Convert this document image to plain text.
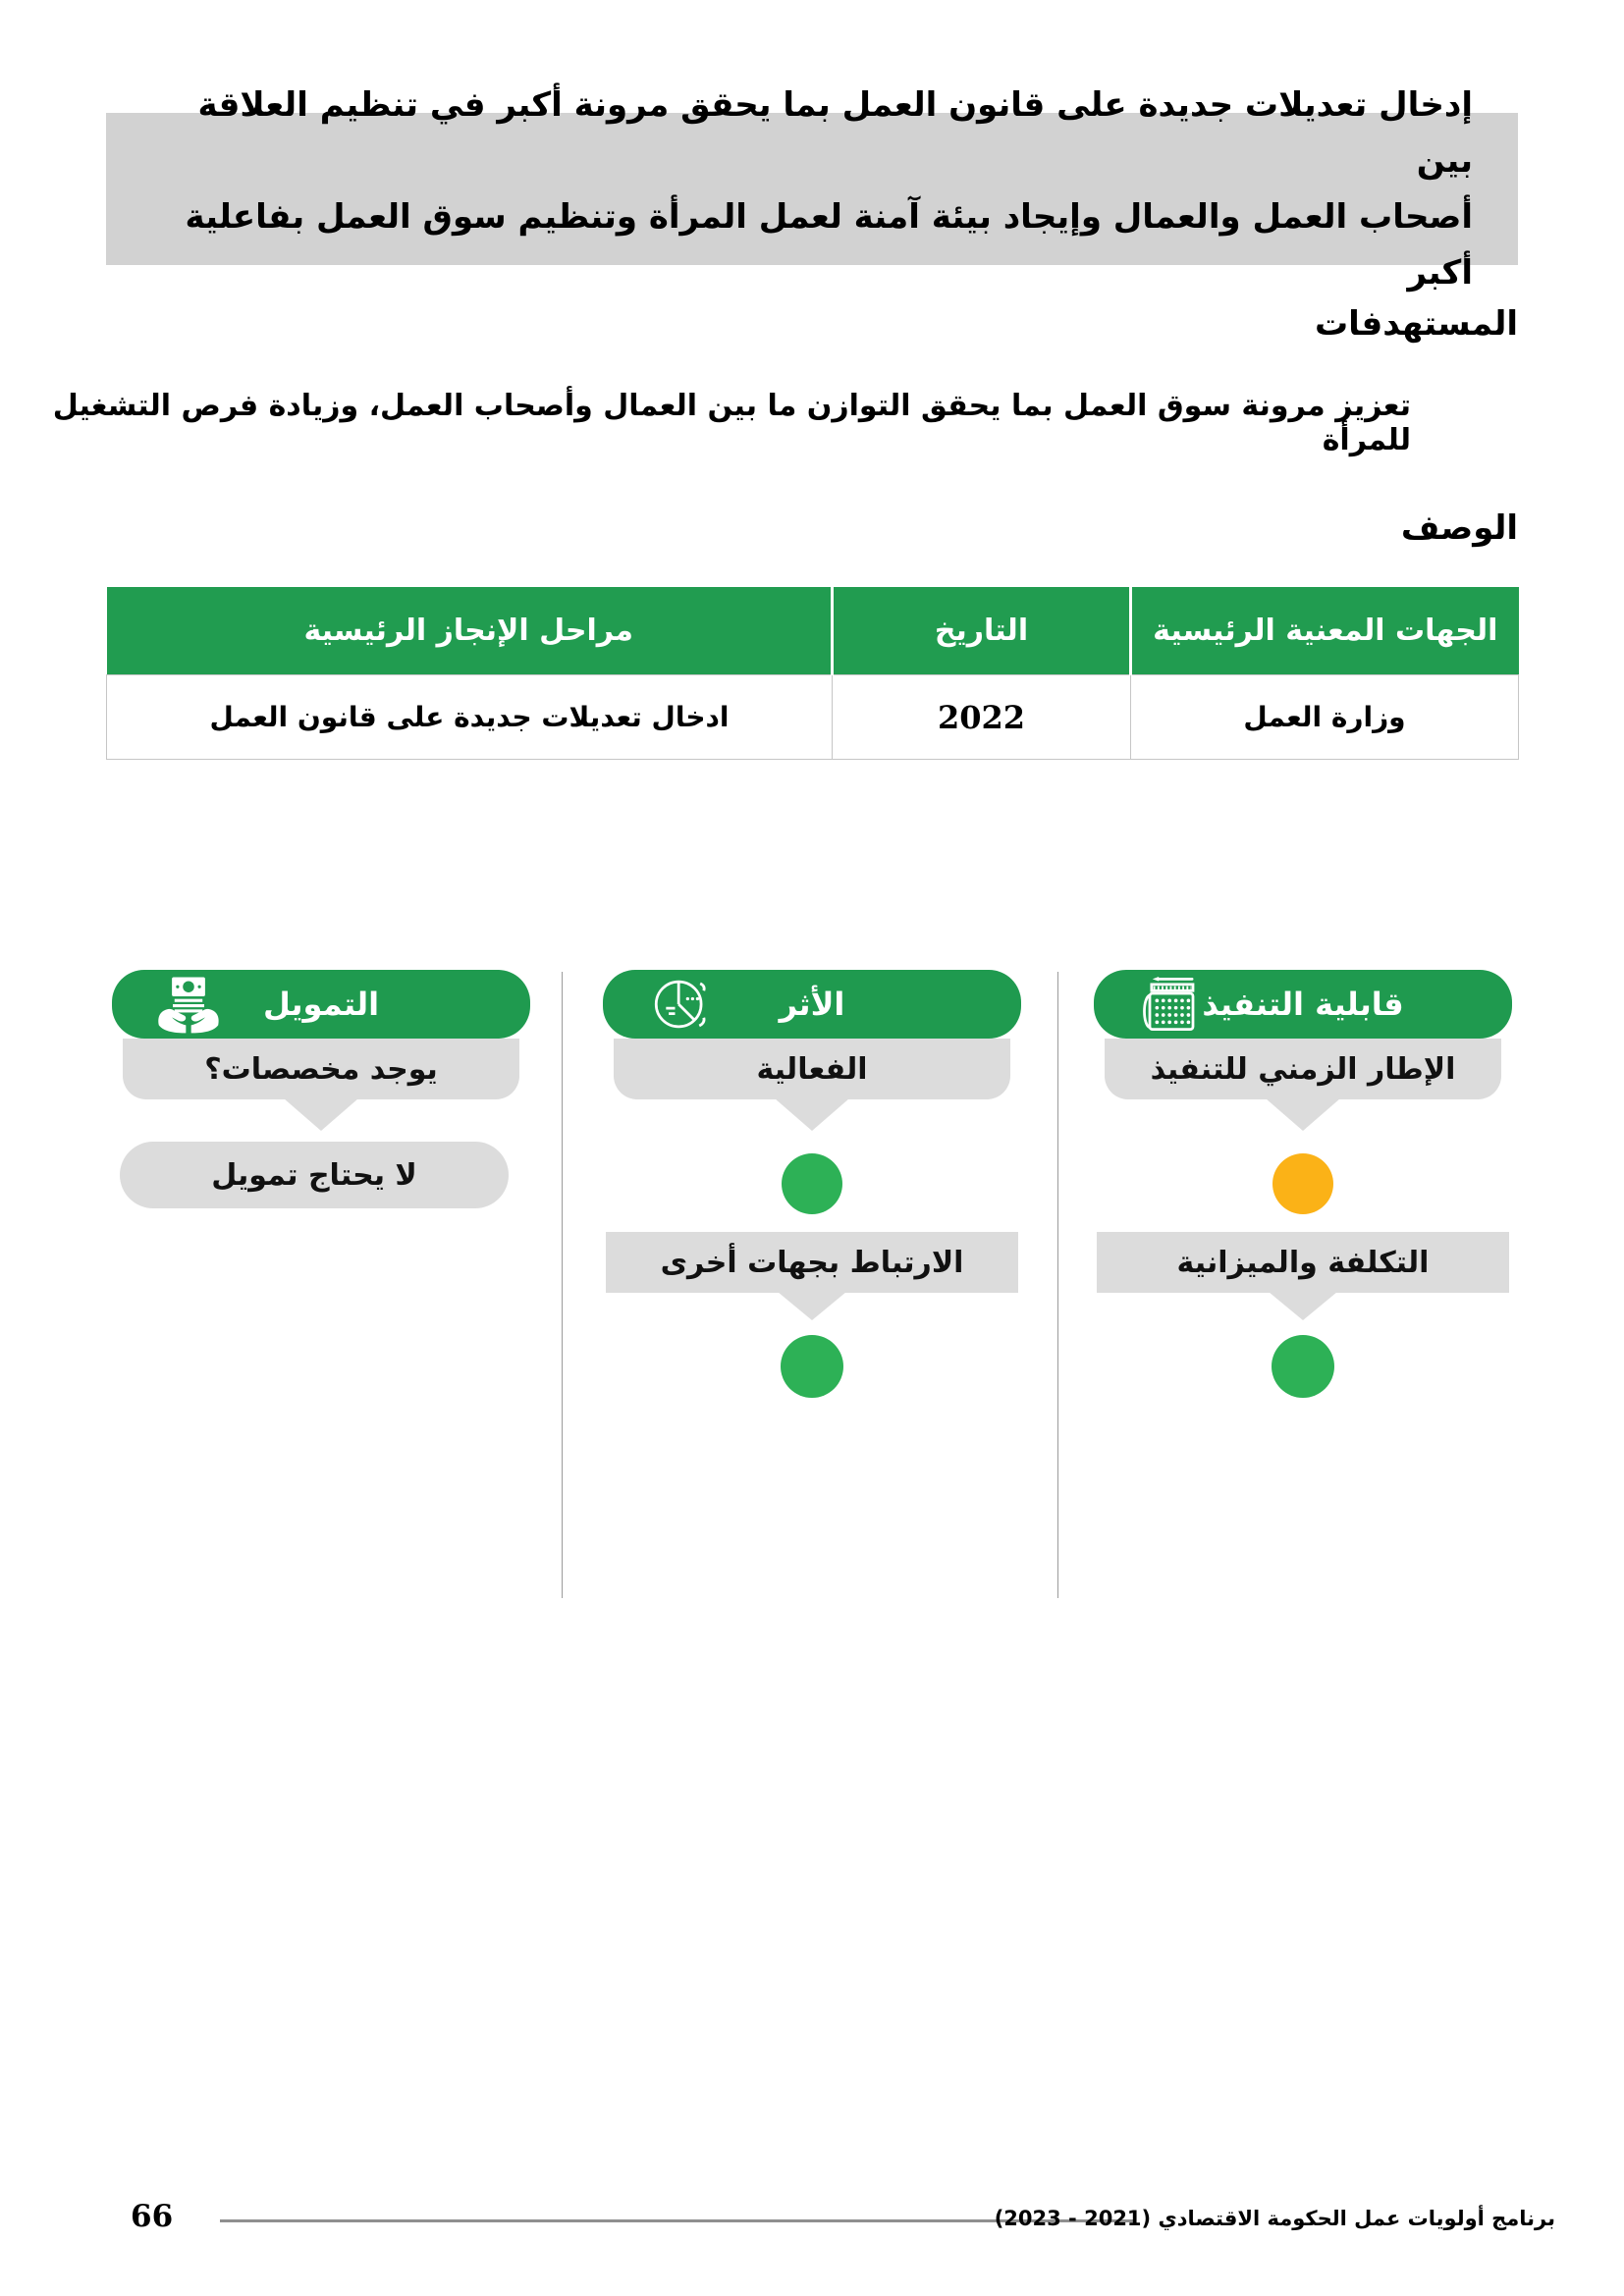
إدخال تعديلات جديدة على قانون العمل بما يحقق مرونة أكبر في تنظيم العلاقة بين
أصحاب العمل والعمال وإيجاد بيئة آمنة لعمل المرأة وتنظيم سوق العمل بفاعلية أكبر
المستهدفات
تعزيز مرونة سوق العمل بما يحقق التوازن ما بين العمال وأصحاب العمل، وزيادة فرص التشغيل للمرأة
الوصف
الجهات المعنية الرئيسية	التاريخ	مراحل الإنجاز الرئيسية
وزارة العمل	2022	ادخال تعديلات جديدة على قانون العمل
قابلية التنفيذ
الإطار الزمني للتنفيذ
التكلفة والميزانية
الأثر
الفعالية
الارتباط بجهات أخرى
التمويل
يوجد مخصصات؟
لا يحتاج تمويل
66	برنامج أولويات عمل الحكومة الاقتصادي (2021 - 2023)
